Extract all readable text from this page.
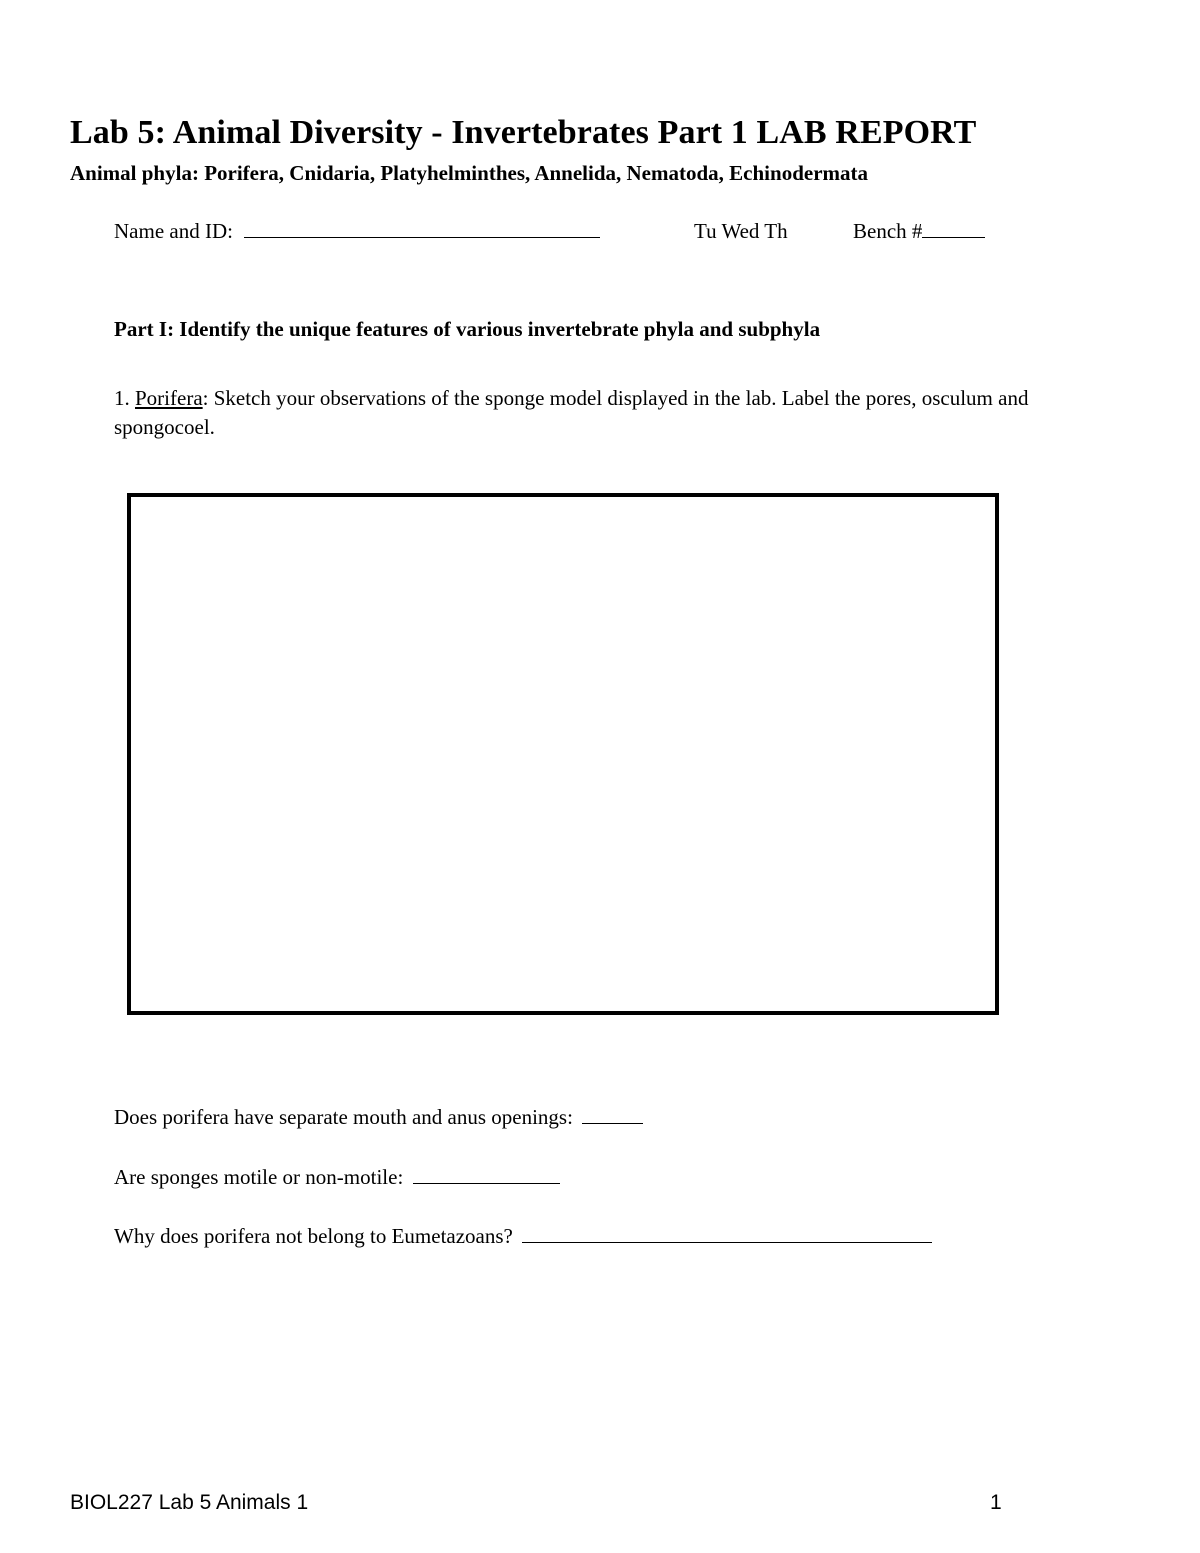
Lab 5: Animal Diversity - Invertebrates Part 1 LAB REPORT
Animal phyla: Porifera, Cnidaria, Platyhelminthes, Annelida, Nematoda, Echinodermata
Name and ID:	Tu Wed Th	Bench #
Part I: Identify the unique features of various invertebrate phyla and subphyla
1. Porifera: Sketch your observations of the sponge model displayed in the lab. Label the pores, osculum and spongocoel.
Does porifera have separate mouth and anus openings:
Are sponges motile or non-motile:
Why does porifera not belong to Eumetazoans?
BIOL227 Lab 5 Animals 1	1
